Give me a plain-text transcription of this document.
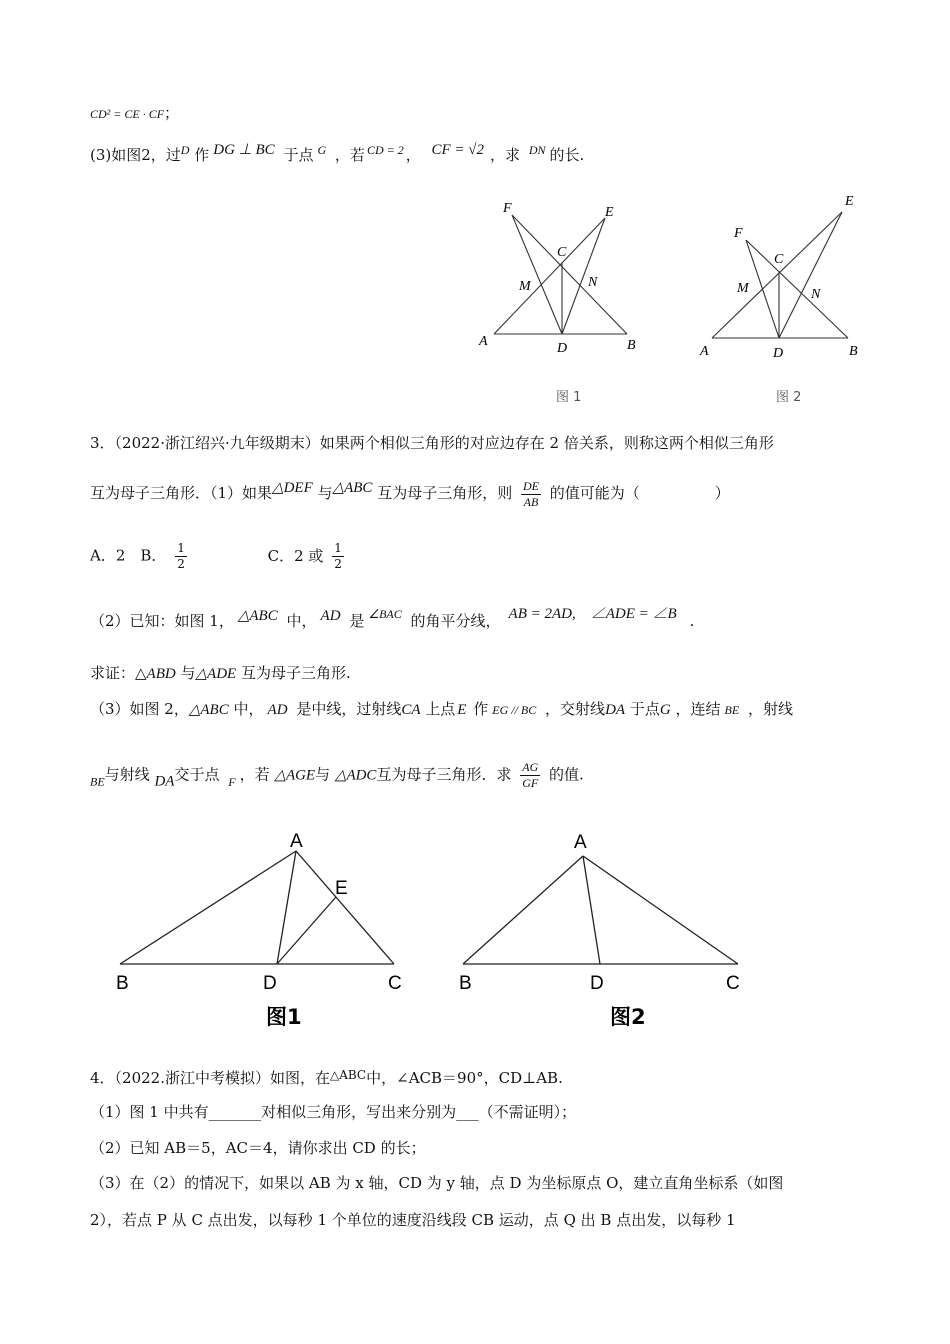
CD² = CE · CF；
(3)如图2，过$^D$ 作 DG ⊥ BC 于点 $^G$ ，若 $^{CD = 2}$ ， CF = √2 ，求 $^{DN}$ 的长.
F	E
C
M	N
A	D	B
图 1
F
C
E
M	N
A	D	B
图 2
3．（2022·浙江绍兴·九年级期末）如果两个相似三角形的对应边存在 2 倍关系，则称这两个相似三角形
互为母子三角形．（1）如果△DEF 与△ABC 互为母子三角形，则 $\frac{DE}{AB}$ 的值可能为（　　　　　）
A．2　B． $\frac{1}{2}$	C．2 或 $\frac{1}{2}$
（2）已知：如图 1， △ABC 中， AD 是 $^{\angle BAC}$ 的角平分线， AB = 2AD,　∠ADE = ∠B .
求证：△ABD 与△ADE 互为母子三角形.
（3）如图 2，△ABC 中， AD 是中线，过射线CA 上点 E 作 EG // BC ，交射线DA 于点G ，连结 BE ，射线
$_{BE}$与射线 DA交于点 $_F$ ，若 △AGE与 △ADC互为母子三角形．求 $\frac{AG}{GF}$ 的值.
A
E
B	D	C
图1
A
B	D	C
图2
4．（2022.浙江中考模拟）如图，在$^{\triangle ABC}$中，∠ACB＝90°，CD⊥AB.
（1）图 1 中共有_______对相似三角形，写出来分别为___（不需证明）；
（2）已知 AB＝5，AC＝4，请你求出 CD 的长；
（3）在（2）的情况下，如果以 AB 为 x 轴，CD 为 y 轴，点 D 为坐标原点 O，建立直角坐标系（如图
2），若点 P 从 C 点出发，以每秒 1 个单位的速度沿线段 CB 运动，点 Q 出 B 点出发，以每秒 1
